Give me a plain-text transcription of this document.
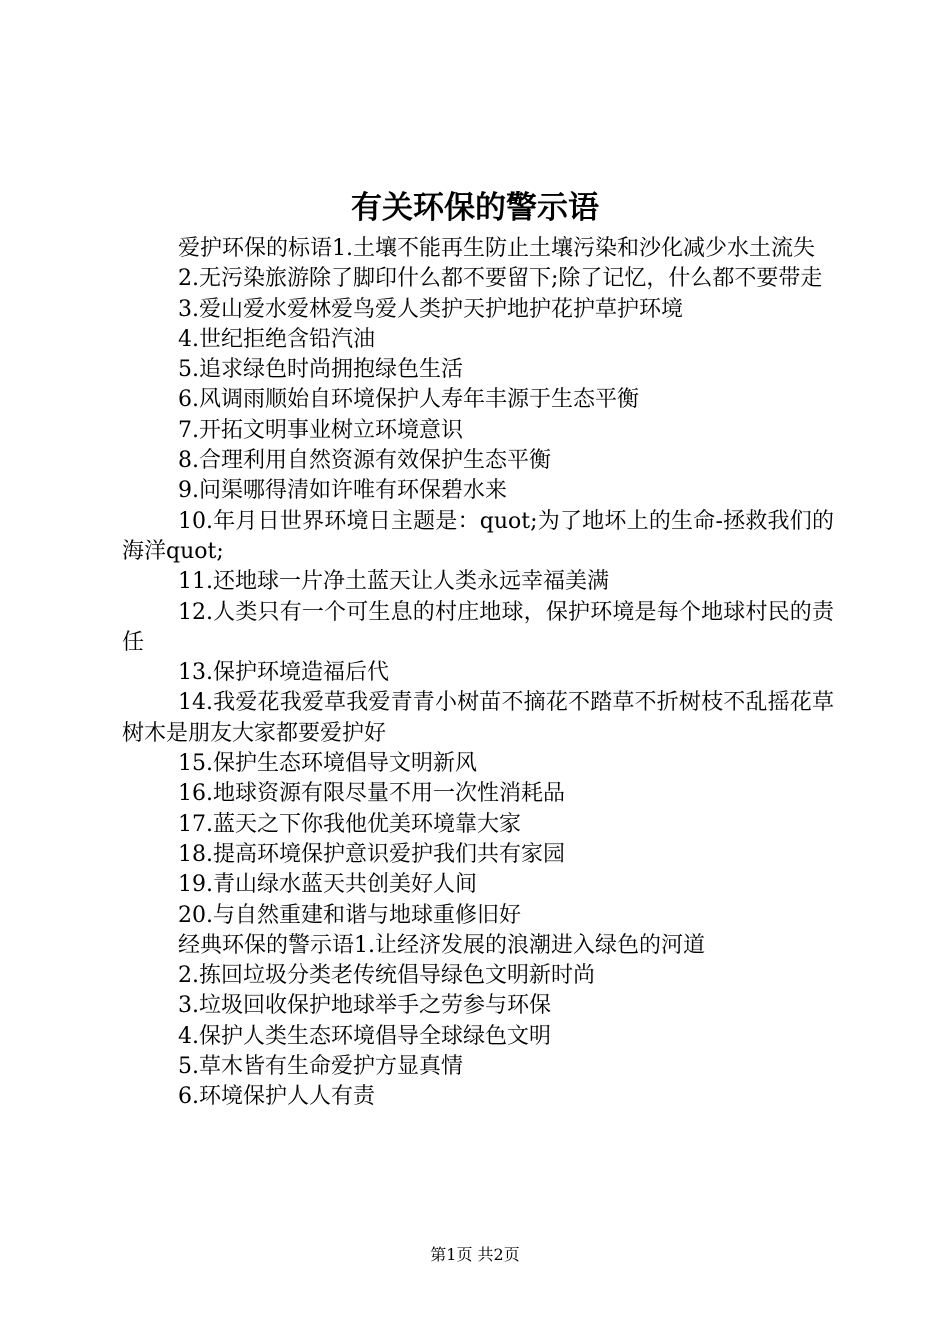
有关环保的警示语

爱护环保的标语1.土壤不能再生防止土壤污染和沙化减少水土流失

2.无污染旅游除了脚印什么都不要留下;除了记忆，什么都不要带走

3.爱山爱水爱林爱鸟爱人类护天护地护花护草护环境

4.世纪拒绝含铅汽油

5.追求绿色时尚拥抱绿色生活

6.风调雨顺始自环境保护人寿年丰源于生态平衡

7.开拓文明事业树立环境意识

8.合理利用自然资源有效保护生态平衡

9.问渠哪得清如许唯有环保碧水来

10.年月日世界环境日主题是：quot;为了地坏上的生命-拯救我们的海洋quot;

11.还地球一片净土蓝天让人类永远幸福美满

12.人类只有一个可生息的村庄地球，保护环境是每个地球村民的责任

13.保护环境造福后代

14.我爱花我爱草我爱青青小树苗不摘花不踏草不折树枝不乱摇花草树木是朋友大家都要爱护好

15.保护生态环境倡导文明新风

16.地球资源有限尽量不用一次性消耗品

17.蓝天之下你我他优美环境靠大家

18.提高环境保护意识爱护我们共有家园

19.青山绿水蓝天共创美好人间

20.与自然重建和谐与地球重修旧好

经典环保的警示语1.让经济发展的浪潮进入绿色的河道

2.拣回垃圾分类老传统倡导绿色文明新时尚

3.垃圾回收保护地球举手之劳参与环保

4.保护人类生态环境倡导全球绿色文明

5.草木皆有生命爱护方显真情

6.环境保护人人有责

第1页 共2页
